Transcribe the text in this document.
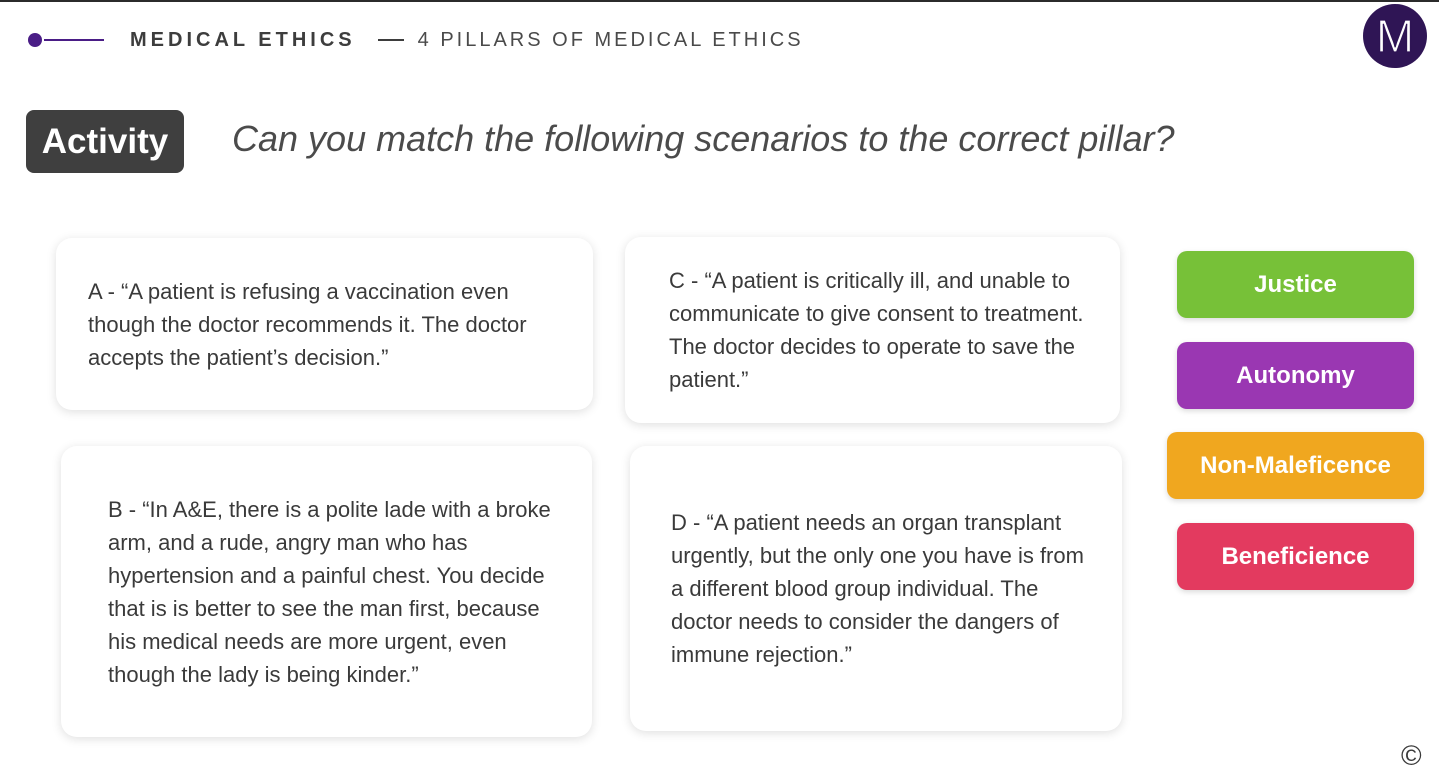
MEDICAL ETHICS	4 PILLARS OF MEDICAL ETHICS	M
Activity	Can you match the following scenarios to the correct pillar?
A - “A patient is refusing a vaccination even though the doctor recommends it. The doctor accepts the patient’s decision.”
C - “A patient is critically ill, and unable to communicate to give consent to treatment. The doctor decides to operate to save the patient.”
B - “In A&E, there is a polite lade with a broke arm, and a rude, angry man who has hypertension and a painful chest. You decide that is is better to see the man first, because his medical needs are more urgent, even though the lady is being kinder.”
D - “A patient needs an organ transplant urgently, but the only one you have is from a different blood group individual. The doctor needs to consider the dangers of immune rejection.”
Justice
Autonomy
Non-Maleficence
Beneficience
©
